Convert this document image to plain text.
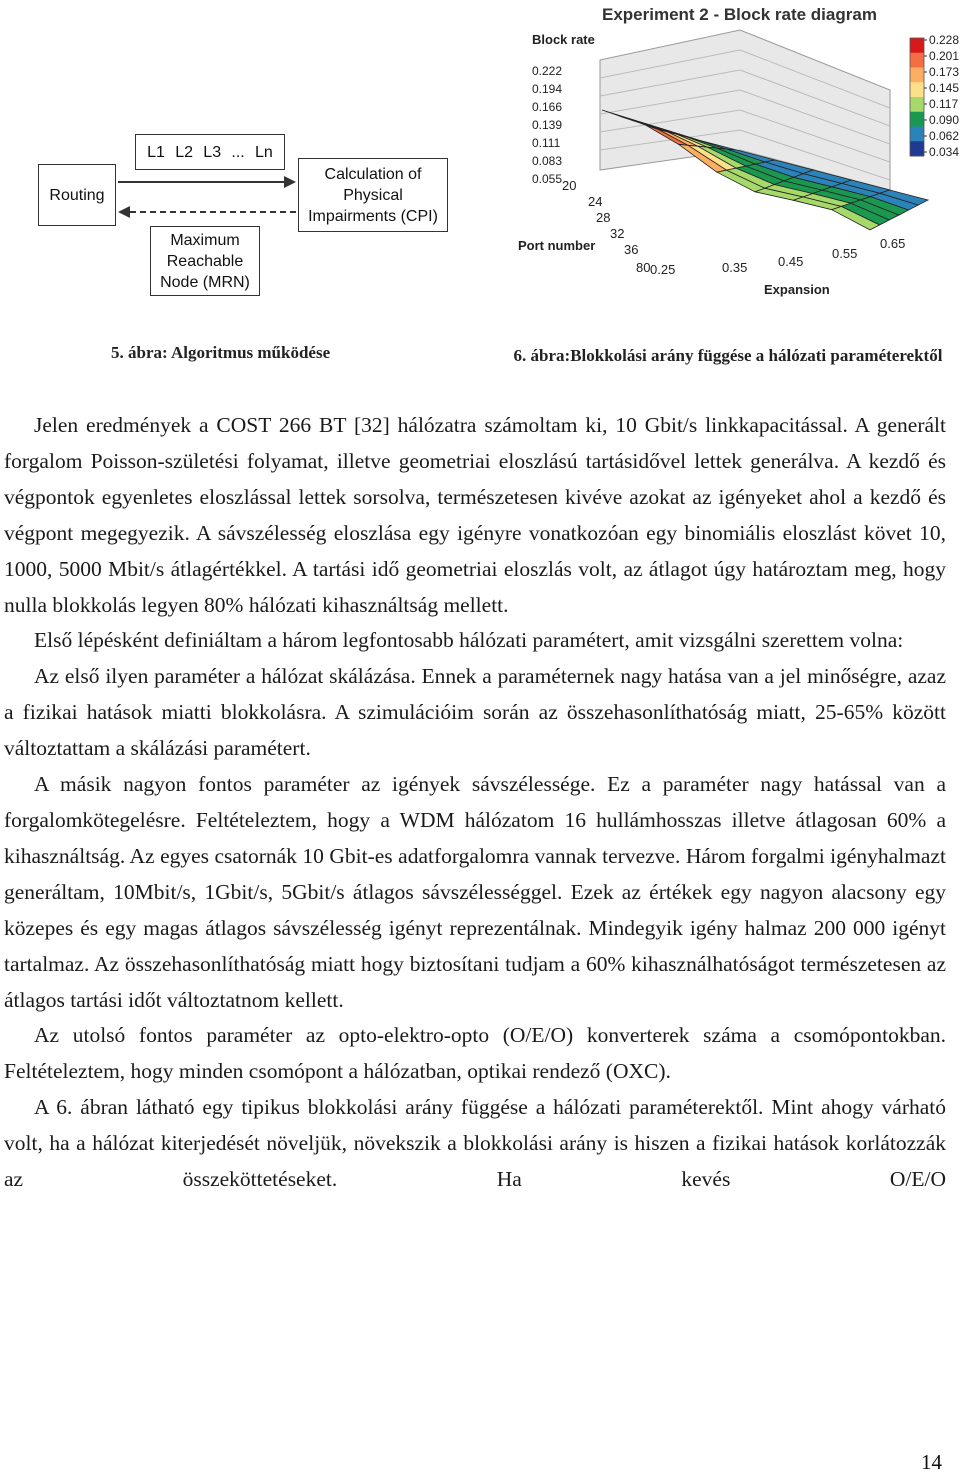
Routing
L1 L2 L3 ... Ln
Calculation of Physical Impairments (CPI)
Maximum Reachable Node (MRN)
Experiment 2 - Block rate diagram
Block rate
Port number
Expansion
0.222
0.194
0.166
0.139
0.111
0.083
0.055 20
24
28
32
36
80 0.25	0.35 0.45
0.55
0.65
0.228
0.201
0.173
0.145
0.117
0.090
0.062
0.034
5. ábra: Algoritmus működése	6. ábra:Blokkolási arány függése a hálózati paraméterektől

Jelen eredmények a COST 266 BT [32] hálózatra számoltam ki, 10 Gbit/s linkkapacitással. A generált forgalom Poisson-születési folyamat, illetve geometriai eloszlású tartásidővel lettek generálva. A kezdő és végpontok egyenletes eloszlással lettek sorsolva, természetesen kivéve azokat az igényeket ahol a kezdő és végpont megegyezik. A sávszélesség eloszlása egy igényre vonatkozóan egy binomiális eloszlást követ 10, 1000, 5000 Mbit/s átlagértékkel. A tartási idő geometriai eloszlás volt, az átlagot úgy határoztam meg, hogy nulla blokkolás legyen 80% hálózati kihasználtság mellett.

Első lépésként definiáltam a három legfontosabb hálózati paramétert, amit vizsgálni szerettem volna:

Az első ilyen paraméter a hálózat skálázása. Ennek a paraméternek nagy hatása van a jel minőségre, azaz a fizikai hatások miatti blokkolásra. A szimulációim során az összehasonlíthatóság miatt, 25-65% között változtattam a skálázási paramétert.

A másik nagyon fontos paraméter az igények sávszélessége. Ez a paraméter nagy hatással van a forgalomkötegelésre. Feltételeztem, hogy a WDM hálózatom 16 hullámhosszas illetve átlagosan 60% a kihasználtság. Az egyes csatornák 10 Gbit-es adatforgalomra vannak tervezve. Három forgalmi igényhalmazt generáltam, 10Mbit/s, 1Gbit/s, 5Gbit/s átlagos sávszélességgel. Ezek az értékek egy nagyon alacsony egy közepes és egy magas átlagos sávszélesség igényt reprezentálnak. Mindegyik igény halmaz 200 000 igényt tartalmaz. Az összehasonlíthatóság miatt hogy biztosítani tudjam a 60% kihasználhatóságot természetesen az átlagos tartási időt változtatnom kellett.

Az utolsó fontos paraméter az opto-elektro-opto (O/E/O) konverterek száma a csomópontokban. Feltételeztem, hogy minden csomópont a hálózatban, optikai rendező (OXC).

A 6. ábran látható egy tipikus blokkolási arány függése a hálózati paraméterektől. Mint ahogy várható volt, ha a hálózat kiterjedését növeljük, növekszik a blokkolási arány is hiszen a fizikai hatások korlátozzák az összeköttetéseket. Ha kevés O/E/O

14
